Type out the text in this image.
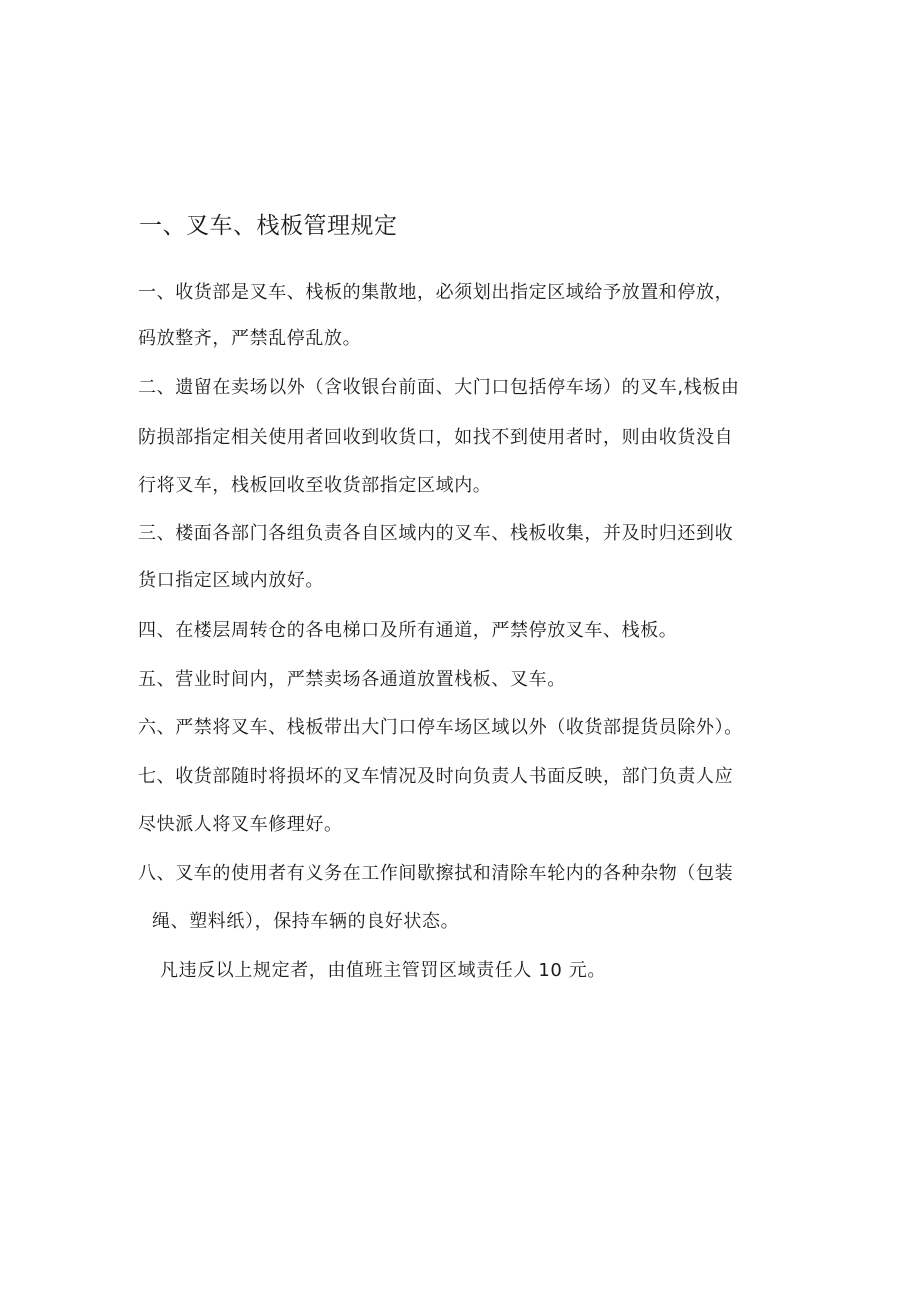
一、叉车、栈板管理规定
一、收货部是叉车、栈板的集散地，必须划出指定区域给予放置和停放，
码放整齐，严禁乱停乱放。
二、遗留在卖场以外（含收银台前面、大门口包括停车场）的叉车,栈板由
防损部指定相关使用者回收到收货口，如找不到使用者时，则由收货没自
行将叉车，栈板回收至收货部指定区域内。
三、楼面各部门各组负责各自区域内的叉车、栈板收集，并及时归还到收
货口指定区域内放好。
四、在楼层周转仓的各电梯口及所有通道，严禁停放叉车、栈板。
五、营业时间内，严禁卖场各通道放置栈板、叉车。
六、严禁将叉车、栈板带出大门口停车场区域以外（收货部提货员除外）。
七、收货部随时将损坏的叉车情况及时向负责人书面反映，部门负责人应
尽快派人将叉车修理好。
八、叉车的使用者有义务在工作间歇擦拭和清除车轮内的各种杂物（包装
绳、塑料纸），保持车辆的良好状态。
凡违反以上规定者，由值班主管罚区域责任人 10 元。
